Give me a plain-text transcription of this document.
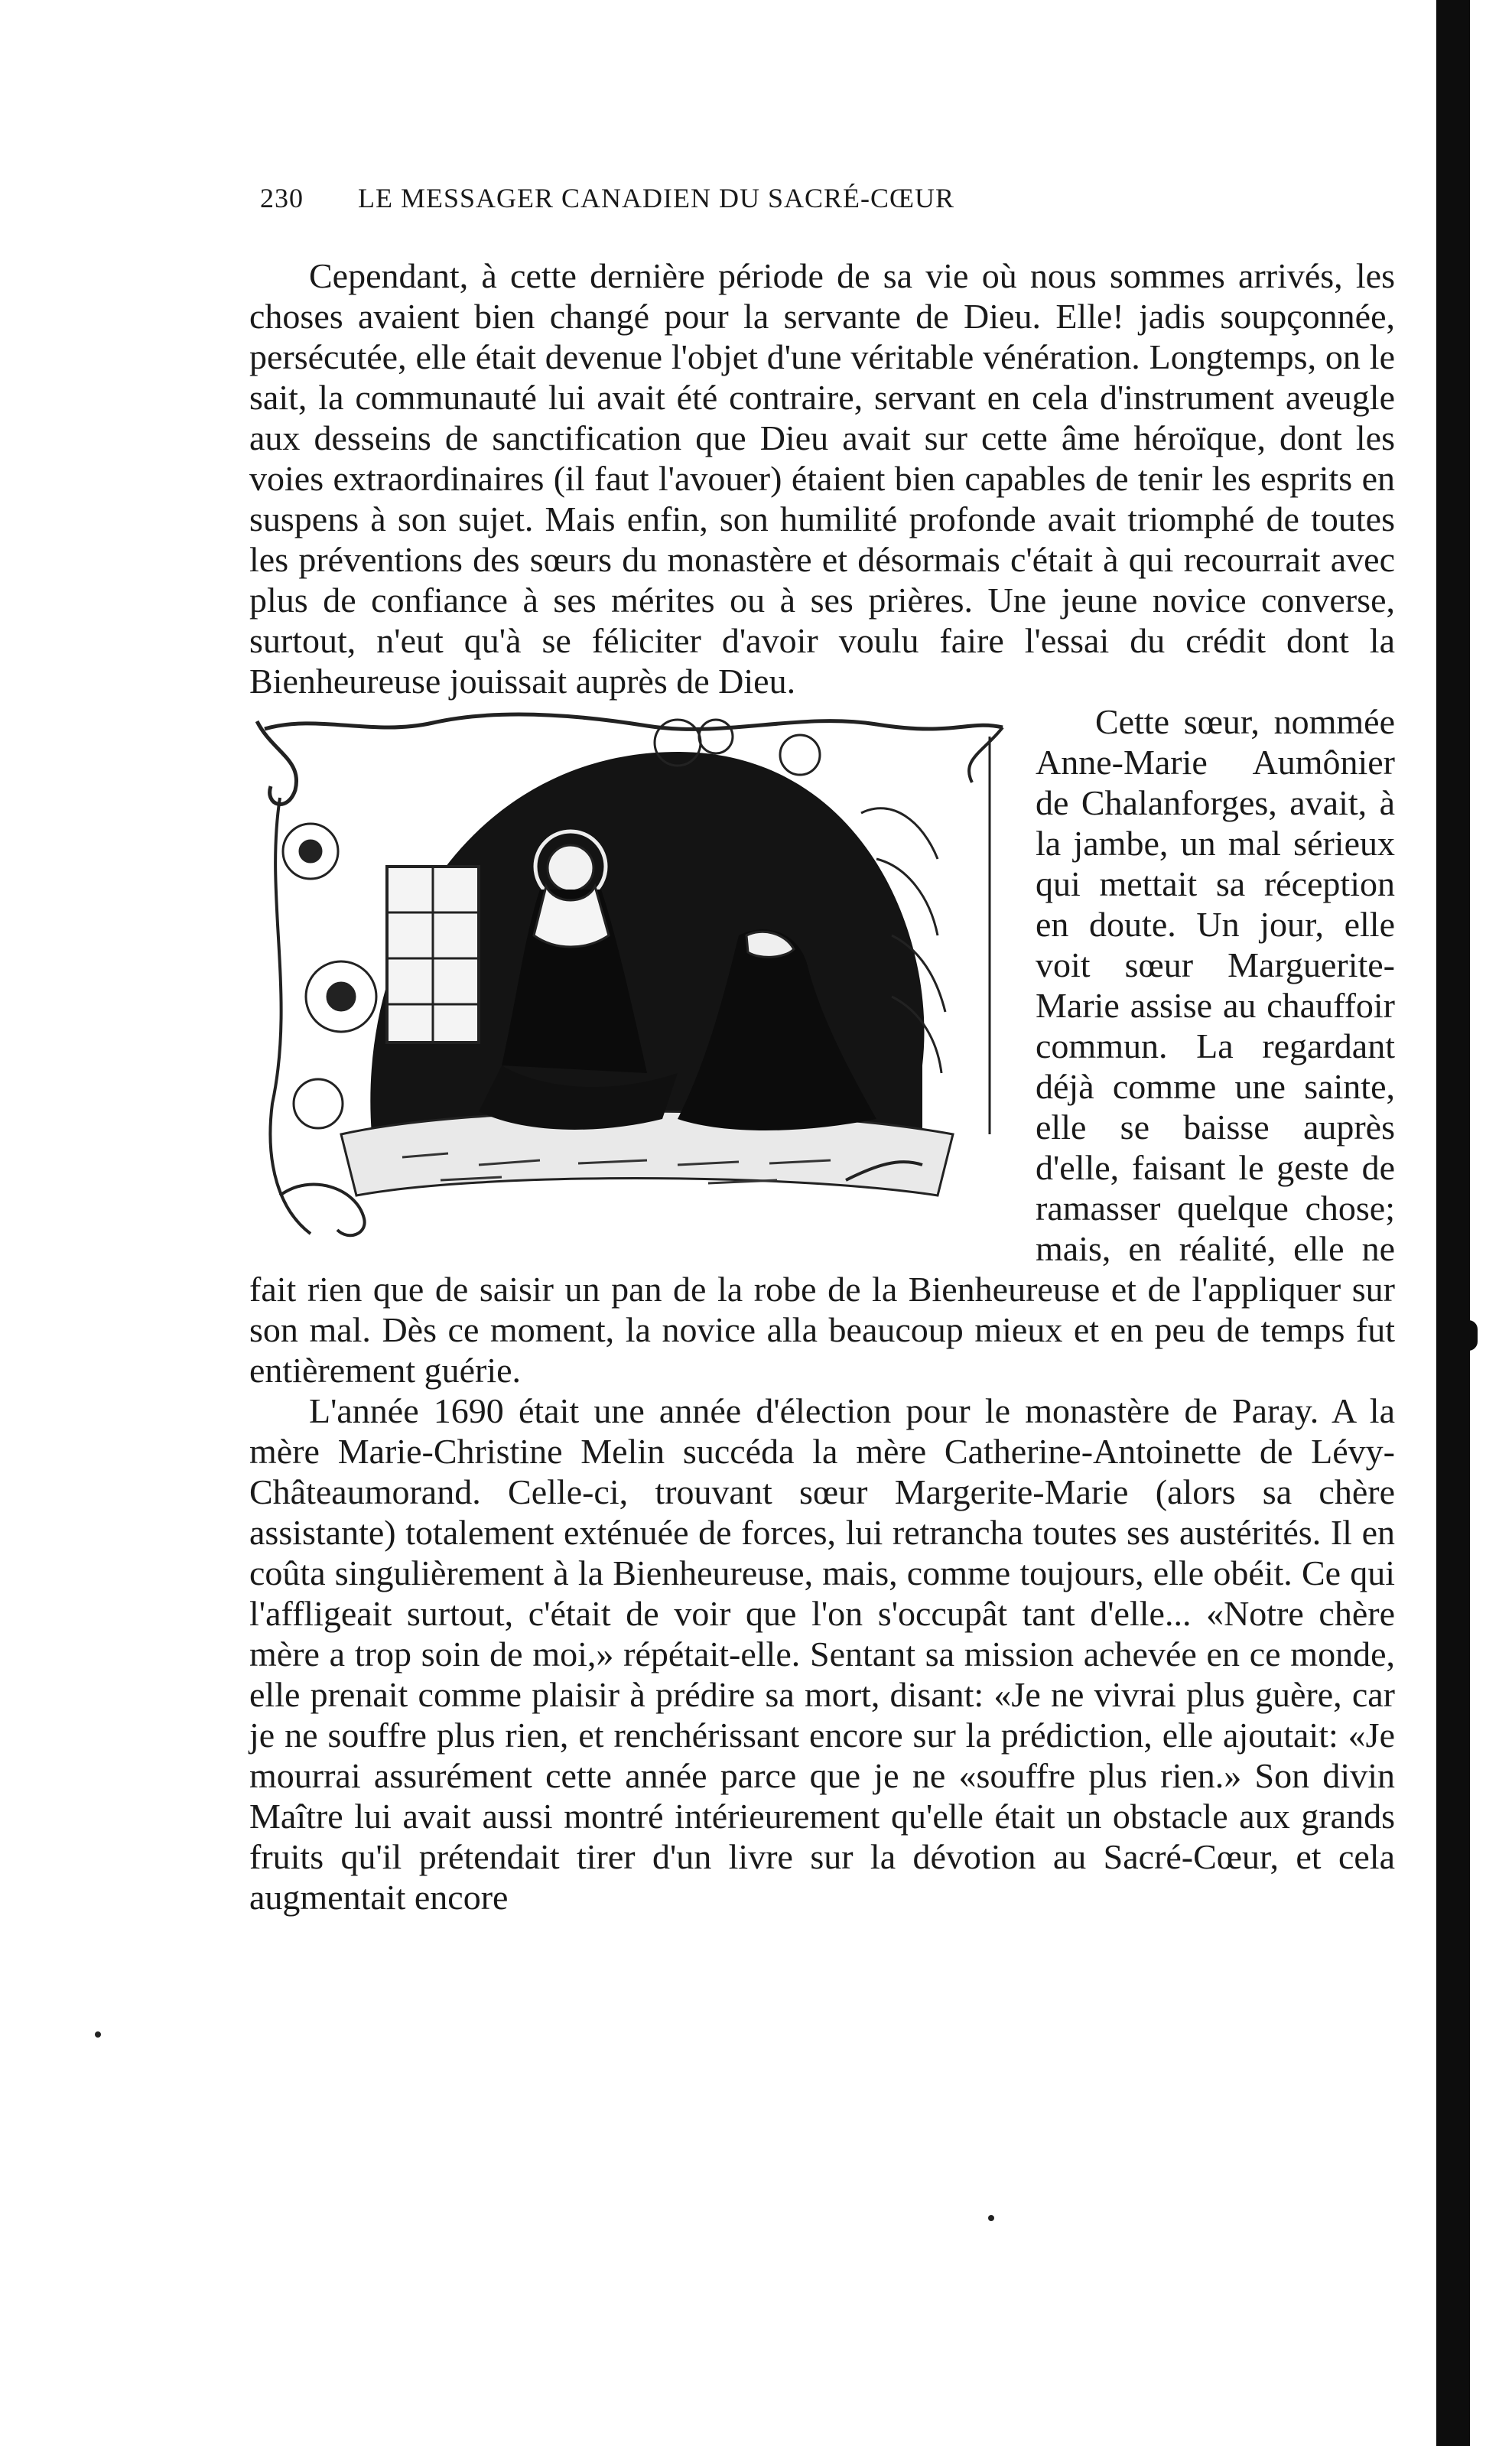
230 LE MESSAGER CANADIEN DU SACRÉ-CŒUR

Cependant, à cette dernière période de sa vie où nous sommes arrivés, les choses avaient bien changé pour la servante de Dieu. Elle! jadis soupçonnée, persécutée, elle était devenue l'objet d'une véritable vénération. Longtemps, on le sait, la communauté lui avait été contraire, servant en cela d'instrument aveugle aux desseins de sanctification que Dieu avait sur cette âme héroïque, dont les voies extraordinaires (il faut l'avouer) étaient bien capables de tenir les esprits en suspens à son sujet. Mais enfin, son humilité profonde avait triomphé de toutes les préventions des sœurs du monastère et désormais c'était à qui recourrait avec plus de confiance à ses mérites ou à ses prières. Une jeune novice converse, surtout, n'eut qu'à se féliciter d'avoir voulu faire l'essai du crédit dont la Bienheureuse jouissait auprès de Dieu.

Cette sœur, nommée Anne-Marie Aumônier de Chalanforges, avait, à la jambe, un mal sérieux qui mettait sa réception en doute. Un jour, elle voit sœur Marguerite-Marie assise au chauffoir commun. La regardant déjà comme une sainte, elle se baisse auprès d'elle, faisant le geste de ramasser quelque chose; mais, en réalité, elle ne fait rien que de saisir un pan de la robe de la Bienheureuse et de l'appliquer sur son mal. Dès ce moment, la novice alla beaucoup mieux et en peu de temps fut entièrement guérie.

L'année 1690 était une année d'élection pour le monastère de Paray. A la mère Marie-Christine Melin succéda la mère Catherine-Antoinette de Lévy-Châteaumorand. Celle-ci, trouvant sœur Margerite-Marie (alors sa chère assistante) totalement exténuée de forces, lui retrancha toutes ses austérités. Il en coûta singulièrement à la Bienheureuse, mais, comme toujours, elle obéit. Ce qui l'affligeait surtout, c'était de voir que l'on s'occupât tant d'elle... «Notre chère mère a trop soin de moi,» répétait-elle. Sentant sa mission achevée en ce monde, elle prenait comme plaisir à prédire sa mort, disant: «Je ne vivrai plus guère, car je ne souffre plus rien, et renchérissant encore sur la prédiction, elle ajoutait: «Je mourrai assurément cette année parce que je ne «souffre plus rien.» Son divin Maître lui avait aussi montré intérieurement qu'elle était un obstacle aux grands fruits qu'il prétendait tirer d'un livre sur la dévotion au Sacré-Cœur, et cela augmentait encore
